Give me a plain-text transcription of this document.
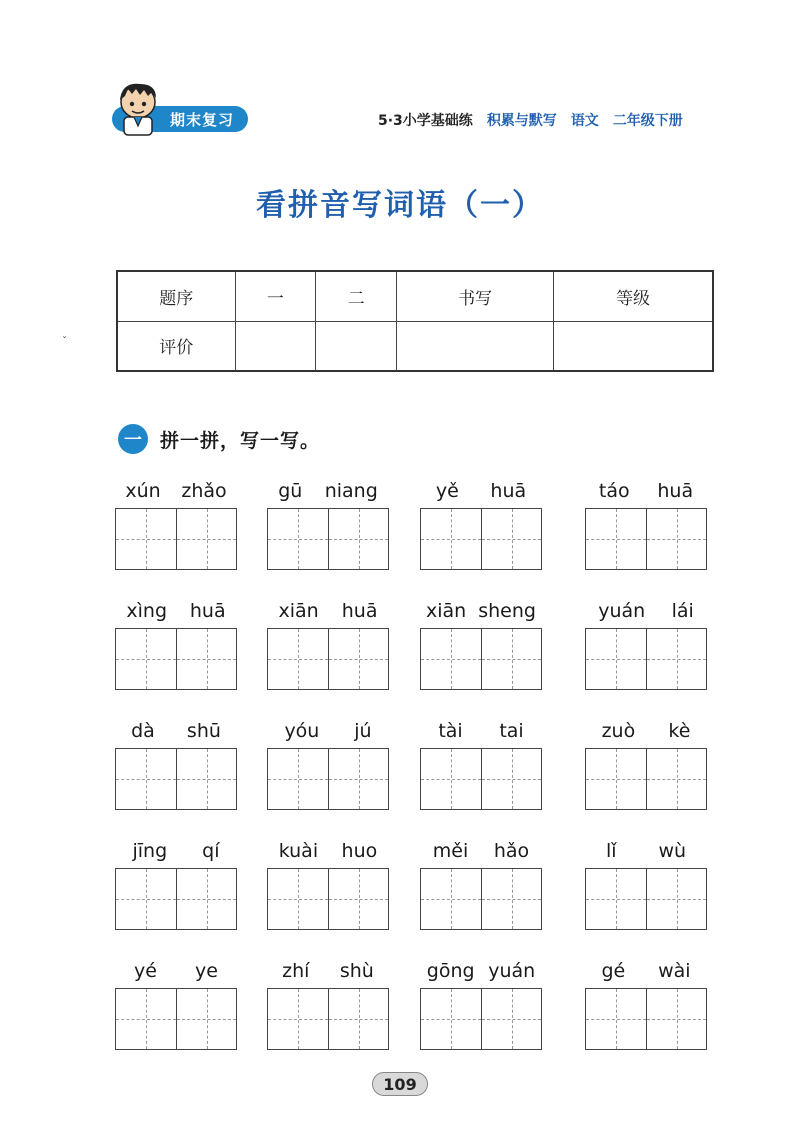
期末复习	5·3小学基础练 积累与默写 语文 二年级下册
看拼音写词语（一）
ˇ
题序	一	二	书写	等级
评价				
一 拼一拼，写一写。
xún zhǎo	gū niang	yě huā	táo huā
xìng huā	xiān huā	xiān sheng	yuán lái
dà shū	yóu jú	tài tai	zuò kè
jīng qí	kuài huo	měi hǎo	lǐ wù
yé ye	zhí shù	gōng yuán	gé wài
109
